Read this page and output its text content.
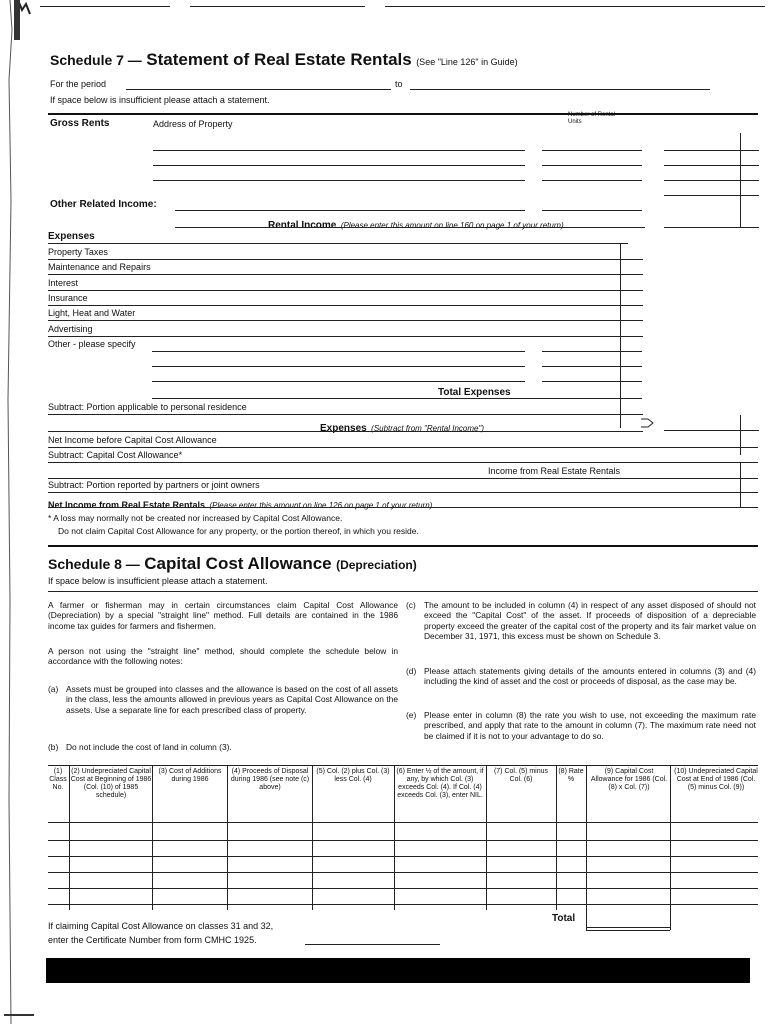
Schedule 7 — Statement of Real Estate Rentals (See "Line 126" in Guide)
For the period	to
If space below is insufficient please attach a statement.
Gross Rents	Address of Property
Number of Rental Units
Other Related Income:
Rental Income (Please enter this amount on line 160 on page 1 of your return)
Expenses
Property Taxes
Maintenance and Repairs
Interest
Insurance
Light, Heat and Water
Advertising
Other - please specify
Total Expenses
Subtract: Portion applicable to personal residence
Expenses (Subtract from "Rental Income")
Net Income before Capital Cost Allowance
Subtract: Capital Cost Allowance*
Income from Real Estate Rentals
Subtract: Portion reported by partners or joint owners
Net Income from Real Estate Rentals (Please enter this amount on line 126 on page 1 of your return)
* A loss may normally not be created nor increased by Capital Cost Allowance.
Do not claim Capital Cost Allowance for any property, or the portion thereof, in which you reside.
Schedule 8 — Capital Cost Allowance (Depreciation)
If space below is insufficient please attach a statement.

A farmer or fisherman may in certain circumstances claim Capital Cost Allowance (Depreciation) by a special "straight line" method. Full details are contained in the 1986 income tax guides for farmers and fishermen.

A person not using the "straight line" method, should complete the schedule below in accordance with the following notes:

(a) Assets must be grouped into classes and the allowance is based on the cost of all assets in the class, less the amounts allowed in previous years as Capital Cost Allowance on the assets. Use a separate line for each prescribed class of property.

(b) Do not include the cost of land in column (3).

(c) The amount to be included in column (4) in respect of any asset disposed of should not exceed the "Capital Cost" of the asset. If proceeds of disposition of a depreciable property exceed the greater of the capital cost of the property and its fair market value on December 31, 1971, this excess must be shown on Schedule 3.

(d) Please attach statements giving details of the amounts entered in columns (3) and (4) including the kind of asset and the cost or proceeds of disposal, as the case may be.

(e) Please enter in column (8) the rate you wish to use, not exceeding the maximum rate prescribed, and apply that rate to the amount in column (7). The maximum rate need not be claimed if it is not to your advantage to do so.

(1) Class No.
(2) Undepreciated Capital Cost at Beginning of 1986 (Col. (10) of 1985 schedule)
(3) Cost of Additions during 1986
(4) Proceeds of Disposal during 1986 (see note (c) above)
(5) Col. (2) plus Col. (3) less Col. (4)
(6) Enter ½ of the amount, if any, by which Col. (3) exceeds Col. (4). If Col. (4) exceeds Col. (3), enter NIL.
(7) Col. (5) minus Col. (6)
(8) Rate %
(9) Capital Cost Allowance for 1986 (Col. (8) x Col. (7))
(10) Undepreciated Capital Cost at End of 1986 (Col. (5) minus Col. (9))
Total
If claiming Capital Cost Allowance on classes 31 and 32,
enter the Certificate Number from form CMHC 1925.
